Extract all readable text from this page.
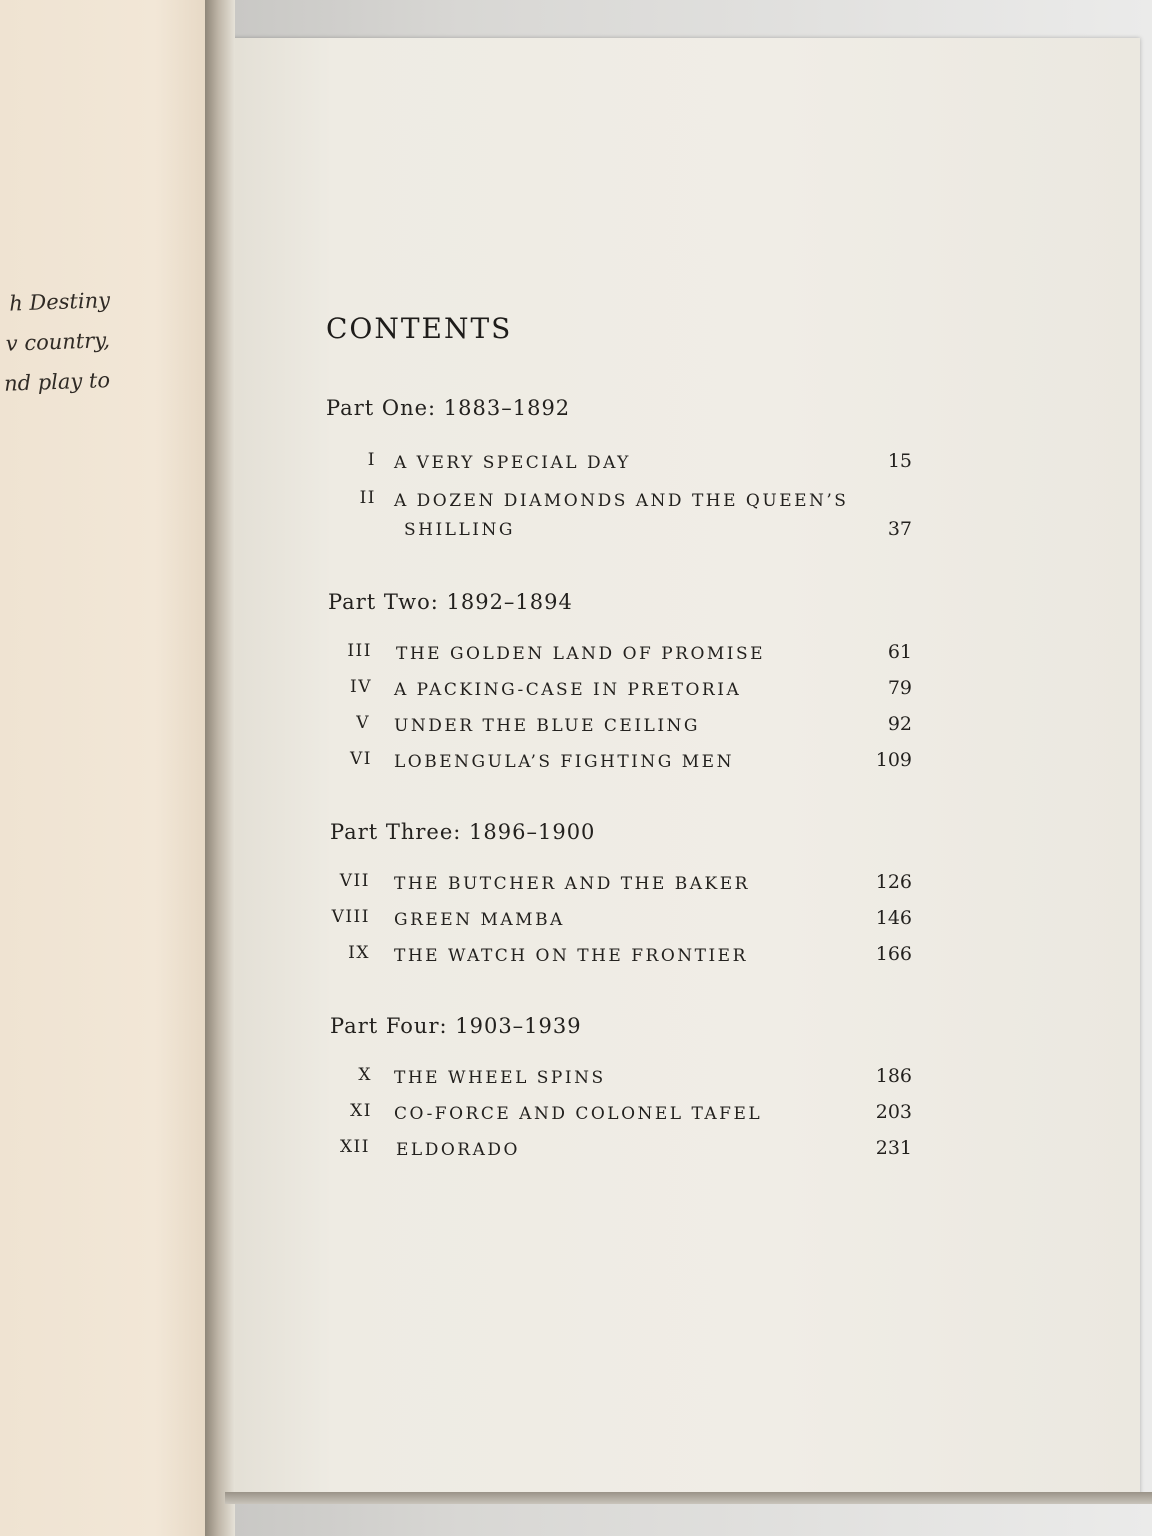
h Destiny
v country,
nd play to
CONTENTS
Part One: 1883–1892
I A VERY SPECIAL DAY	15
II A DOZEN DIAMONDS AND THE QUEEN’S
SHILLING	37
Part Two: 1892–1894
III THE GOLDEN LAND OF PROMISE	61
IV A PACKING-CASE IN PRETORIA	79
V UNDER THE BLUE CEILING	92
VI LOBENGULA’S FIGHTING MEN	109
Part Three: 1896–1900
VII THE BUTCHER AND THE BAKER	126
VIII GREEN MAMBA	146
IX THE WATCH ON THE FRONTIER	166
Part Four: 1903–1939
X THE WHEEL SPINS	186
XI CO-FORCE AND COLONEL TAFEL	203
XII ELDORADO	231
